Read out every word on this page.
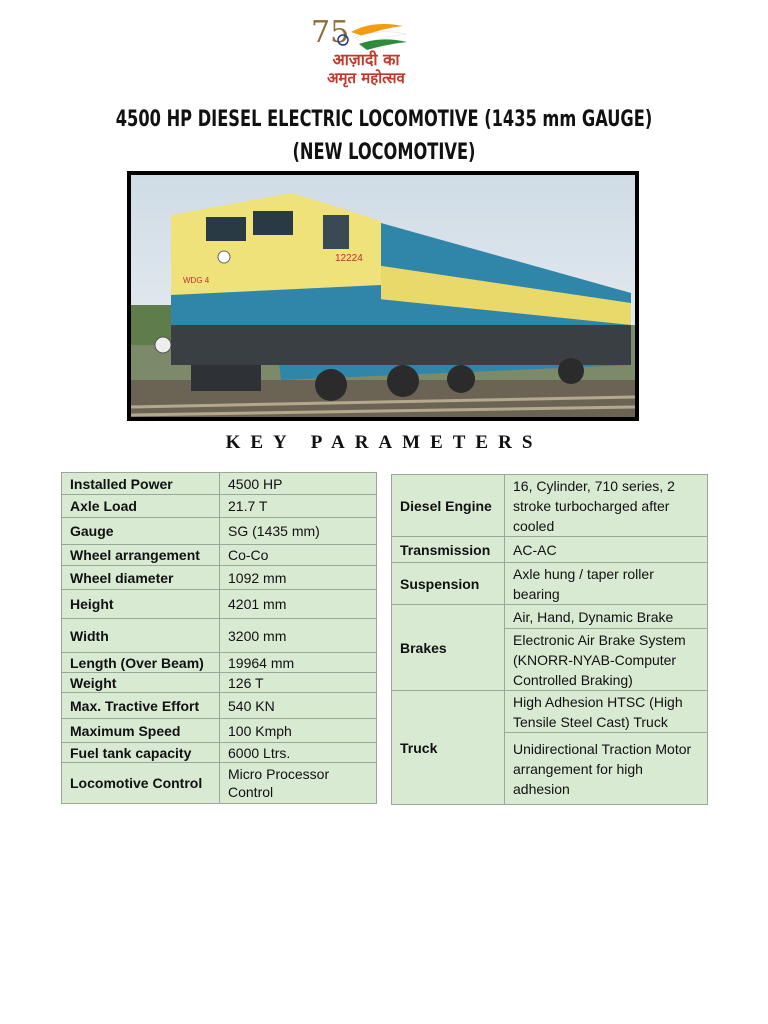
75
आज़ादी का
अमृत महोत्सव
4500 HP DIESEL ELECTRIC LOCOMOTIVE (1435 mm GAUGE)
(NEW LOCOMOTIVE)
12224
WDG 4
KEY PARAMETERS
Installed Power	4500 HP
Axle Load	21.7 T
Gauge	SG (1435 mm)
Wheel arrangement	Co-Co
Wheel diameter	1092 mm
Height	4201 mm
Width	3200 mm
Length (Over Beam)	19964 mm
Weight	126 T
Max. Tractive Effort	540 KN
Maximum Speed	100 Kmph
Fuel tank capacity	6000 Ltrs.
Locomotive Control	Micro Processor Control
Diesel Engine	16, Cylinder, 710 series, 2 stroke turbocharged after cooled
Transmission	AC-AC
Suspension	Axle hung / taper roller bearing
Brakes	Air, Hand, Dynamic Brake
	Electronic Air Brake System (KNORR-NYAB-Computer Controlled Braking)
Truck	High Adhesion HTSC (High Tensile Steel Cast) Truck
	Unidirectional Traction Motor arrangement for high adhesion
